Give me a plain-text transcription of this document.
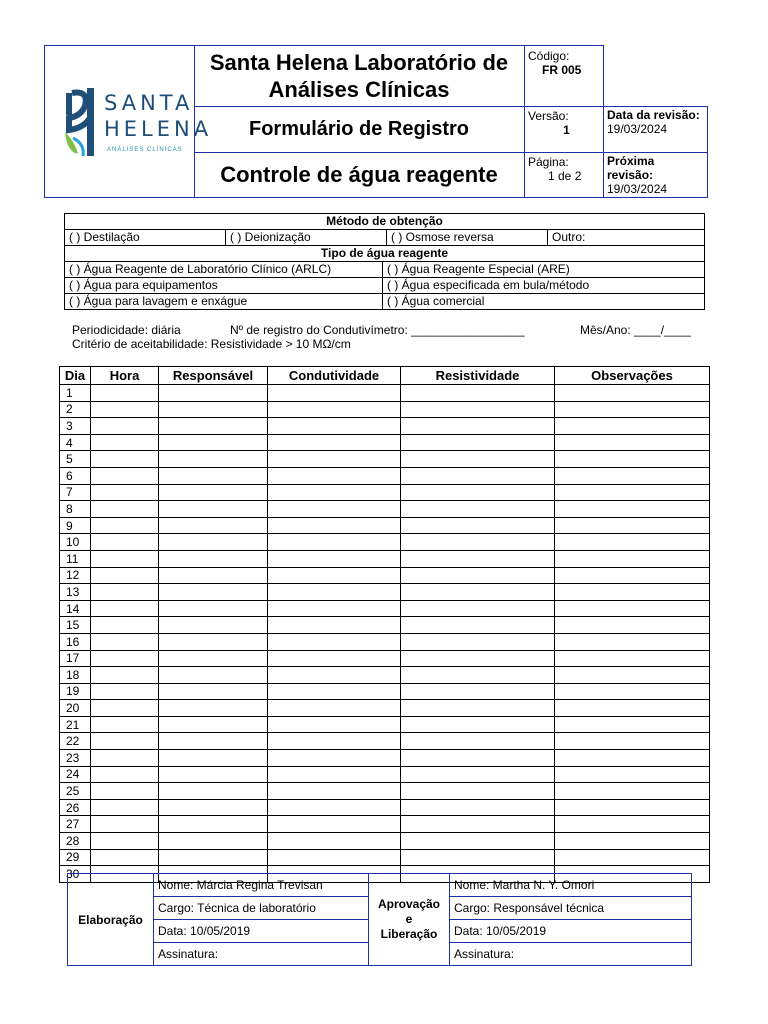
SANTA
HELENA
ANÁLISES CLÍNICAS
Santa Helena Laboratório de Análises Clínicas
Formulário de Registro
Controle de água reagente
Código:
FR 005
Versão:
1
Página:
1 de 2
Data da revisão:
19/03/2024
Próxima revisão:
19/03/2024
Método de obtenção
( ) Destilação	( ) Deionização	( ) Osmose reversa	Outro:
Tipo de água reagente
( ) Água Reagente de Laboratório Clínico (ARLC)	( ) Água Reagente Especial (ARE)
( ) Água para equipamentos	( ) Água especificada em bula/método
( ) Água para lavagem e enxágue	( ) Água comercial
Periodicidade: diária	Nº de registro do Condutivímetro: _________________	Mês/Ano: ____/____
Critério de aceitabilidade: Resistividade > 10 MΩ/cm
Dia	Hora	Responsável	Condutividade	Resistividade	Observações
1					
2					
3					
4					
5					
6					
7					
8					
9					
10					
11					
12					
13					
14					
15					
16					
17					
18					
19					
20					
21					
22					
23					
24					
25					
26					
27					
28					
29					
30					
Elaboração	Nome: Márcia Regina Trevisan	Aprovação e Liberação	Nome: Martha N. Y. Omori
	Cargo: Técnica de laboratório		Cargo: Responsável técnica
	Data: 10/05/2019		Data: 10/05/2019
	Assinatura:		Assinatura:
